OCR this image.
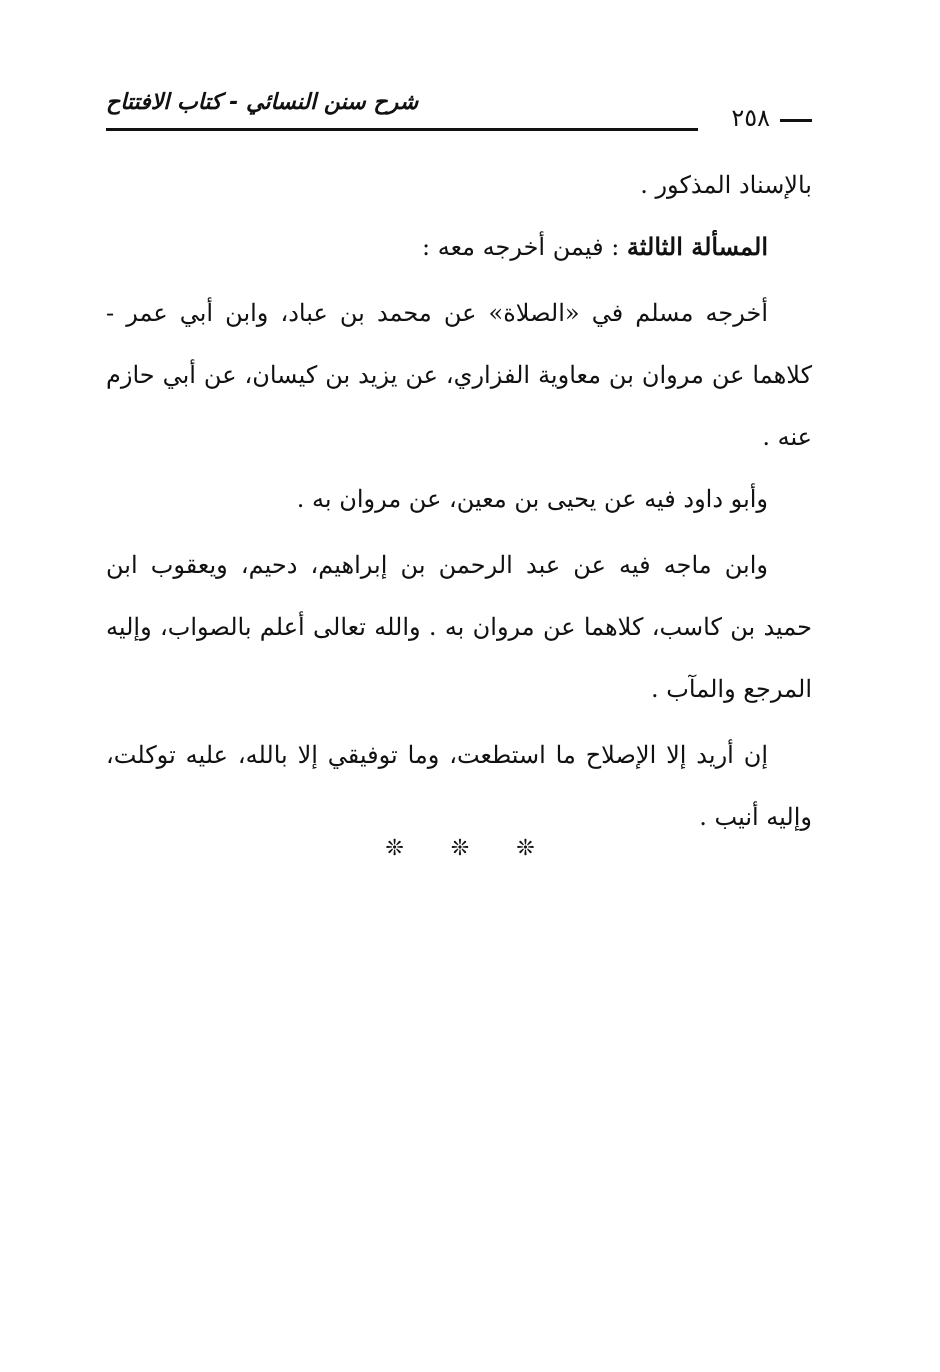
شرح سنن النسائي - كتاب الافتتاح
٢٥٨

بالإسناد المذكور .

المسألة الثالثة : فيمن أخرجه معه :

أخرجه مسلم في «الصلاة» عن محمد بن عباد، وابن أبي عمر - كلاهما عن مروان بن معاوية الفزاري، عن يزيد بن كيسان، عن أبي حازم عنه .

وأبو داود فيه عن يحيى بن معين، عن مروان به .

وابن ماجه فيه عن عبد الرحمن بن إبراهيم، دحيم، ويعقوب ابن حميد بن كاسب، كلاهما عن مروان به . والله تعالى أعلم بالصواب، وإليه المرجع والمآب .

إن أريد إلا الإصلاح ما استطعت، وما توفيقي إلا بالله، عليه توكلت، وإليه أنيب .

❊ ❊ ❊
